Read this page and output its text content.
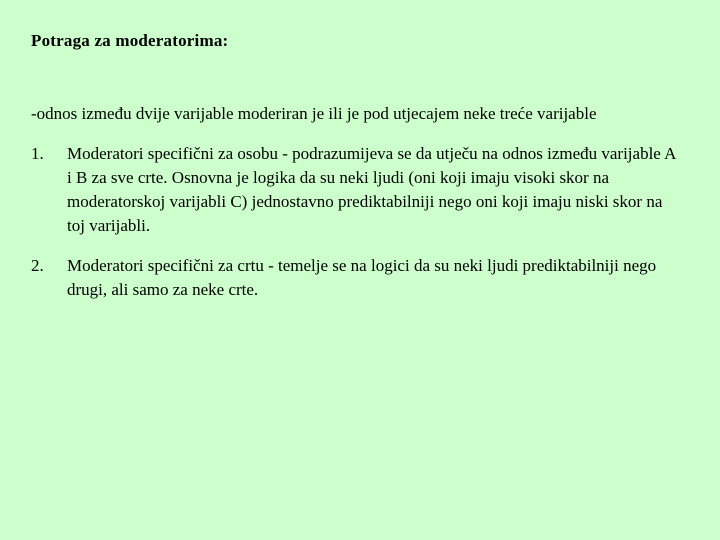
Potraga za moderatorima:

-odnos između dvije varijable moderiran je ili je pod utjecajem neke treće varijable

1.	Moderatori specifični za osobu - podrazumijeva se da utječu na odnos između varijable A i B za sve crte. Osnovna je logika da su neki ljudi (oni koji imaju visoki skor na moderatorskoj varijabli C) jednostavno prediktabilniji nego oni koji imaju niski skor na toj varijabli.
2.	Moderatori specifični za crtu - temelje se na logici da su neki ljudi prediktabilniji nego drugi, ali samo za neke crte.
